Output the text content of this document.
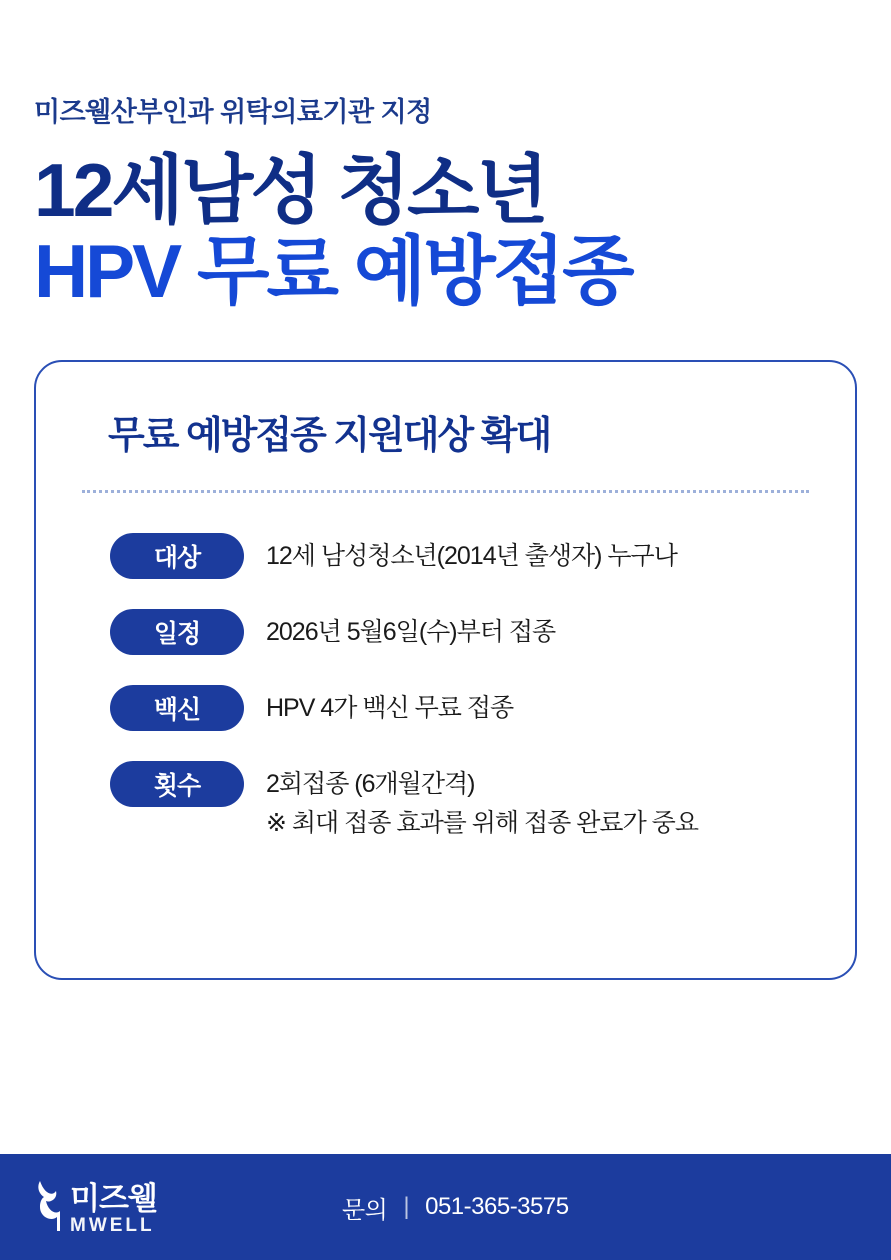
미즈웰산부인과 위탁의료기관 지정

12세남성 청소년
HPV 무료 예방접종
무료 예방접종 지원대상 확대
대상	12세 남성청소년(2014년 출생자) 누구나
일정	2026년 5월6일(수)부터 접종
백신	HPV 4가 백신 무료 접종
횟수	2회접종 (6개월간격)
※ 최대 접종 효과를 위해 접종 완료가 중요
미즈웰
MWELL
문의 | 051-365-3575
